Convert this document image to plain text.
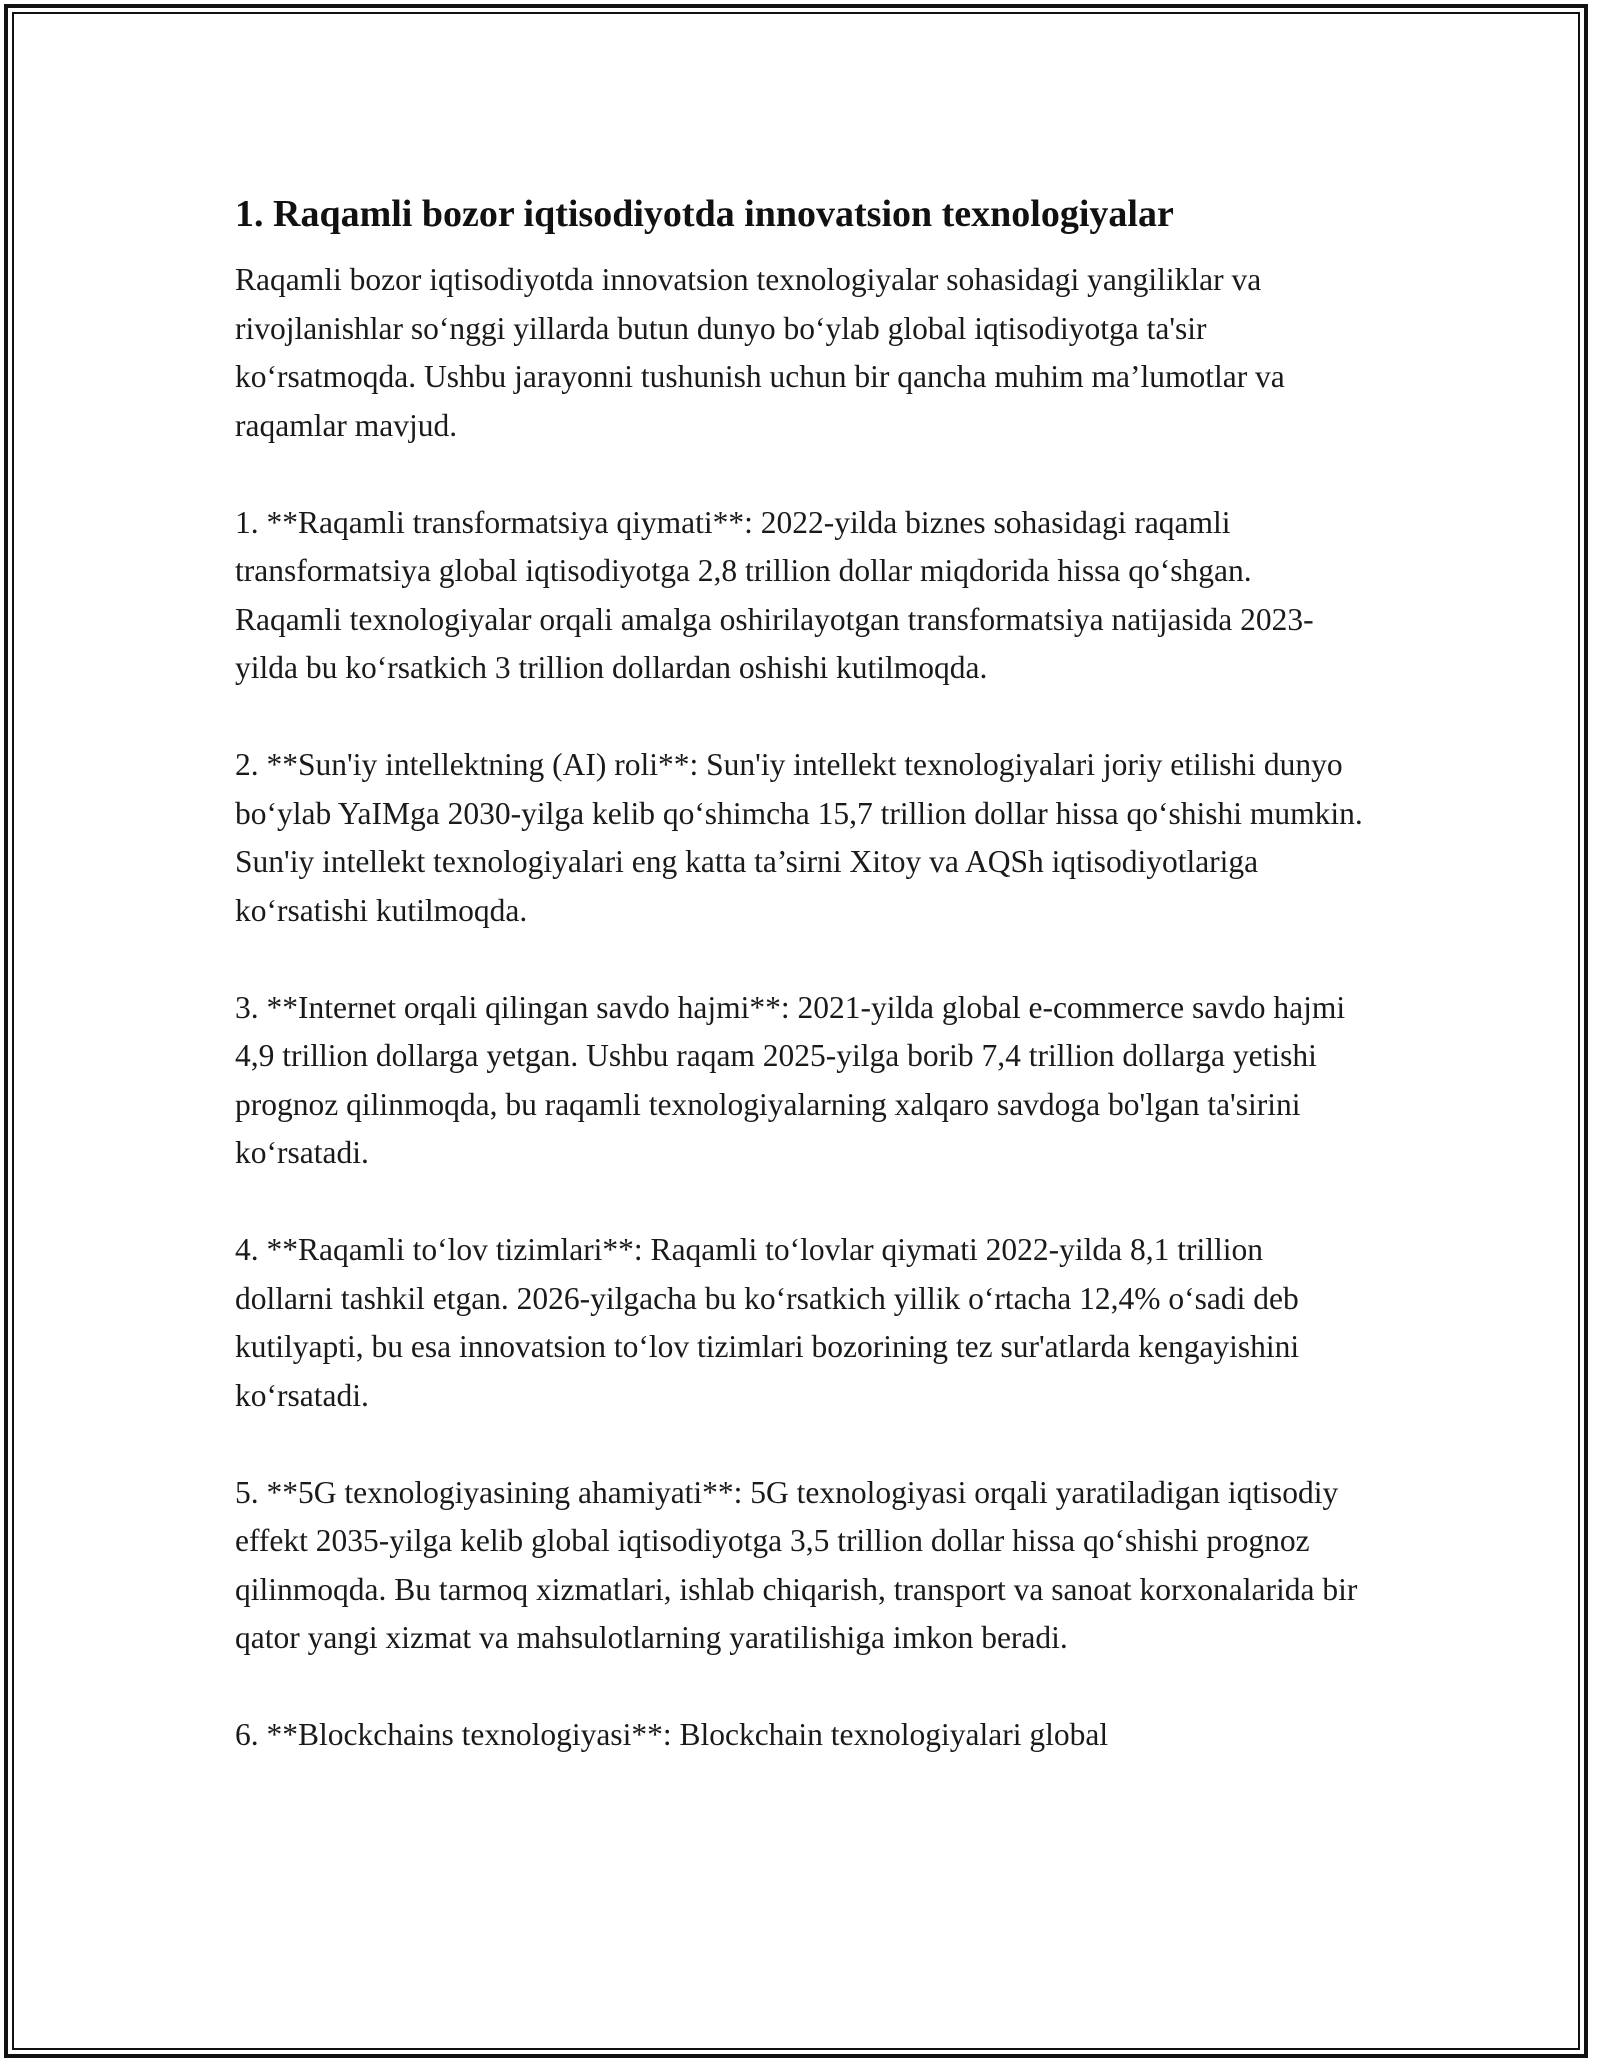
1. Raqamli bozor iqtisodiyotda innovatsion texnologiyalar

Raqamli bozor iqtisodiyotda innovatsion texnologiyalar sohasidagi yangiliklar va rivojlanishlar so‘nggi yillarda butun dunyo bo‘ylab global iqtisodiyotga ta'sir ko‘rsatmoqda. Ushbu jarayonni tushunish uchun bir qancha muhim ma’lumotlar va raqamlar mavjud.

1. **Raqamli transformatsiya qiymati**: 2022-yilda biznes sohasidagi raqamli transformatsiya global iqtisodiyotga 2,8 trillion dollar miqdorida hissa qo‘shgan. Raqamli texnologiyalar orqali amalga oshirilayotgan transformatsiya natijasida 2023-yilda bu ko‘rsatkich 3 trillion dollardan oshishi kutilmoqda.

2. **Sun'iy intellektning (AI) roli**: Sun'iy intellekt texnologiyalari joriy etilishi dunyo bo‘ylab YaIMga 2030-yilga kelib qo‘shimcha 15,7 trillion dollar hissa qo‘shishi mumkin. Sun'iy intellekt texnologiyalari eng katta ta’sirni Xitoy va AQSh iqtisodiyotlariga ko‘rsatishi kutilmoqda.

3. **Internet orqali qilingan savdo hajmi**: 2021-yilda global e-commerce savdo hajmi 4,9 trillion dollarga yetgan. Ushbu raqam 2025-yilga borib 7,4 trillion dollarga yetishi prognoz qilinmoqda, bu raqamli texnologiyalarning xalqaro savdoga bo'lgan ta'sirini ko‘rsatadi.

4. **Raqamli to‘lov tizimlari**: Raqamli to‘lovlar qiymati 2022-yilda 8,1 trillion dollarni tashkil etgan. 2026-yilgacha bu ko‘rsatkich yillik o‘rtacha 12,4% o‘sadi deb kutilyapti, bu esa innovatsion to‘lov tizimlari bozorining tez sur'atlarda kengayishini ko‘rsatadi.

5. **5G texnologiyasining ahamiyati**: 5G texnologiyasi orqali yaratiladigan iqtisodiy effekt 2035-yilga kelib global iqtisodiyotga 3,5 trillion dollar hissa qo‘shishi prognoz qilinmoqda. Bu tarmoq xizmatlari, ishlab chiqarish, transport va sanoat korxonalarida bir qator yangi xizmat va mahsulotlarning yaratilishiga imkon beradi.

6. **Blockchains texnologiyasi**: Blockchain texnologiyalari global
